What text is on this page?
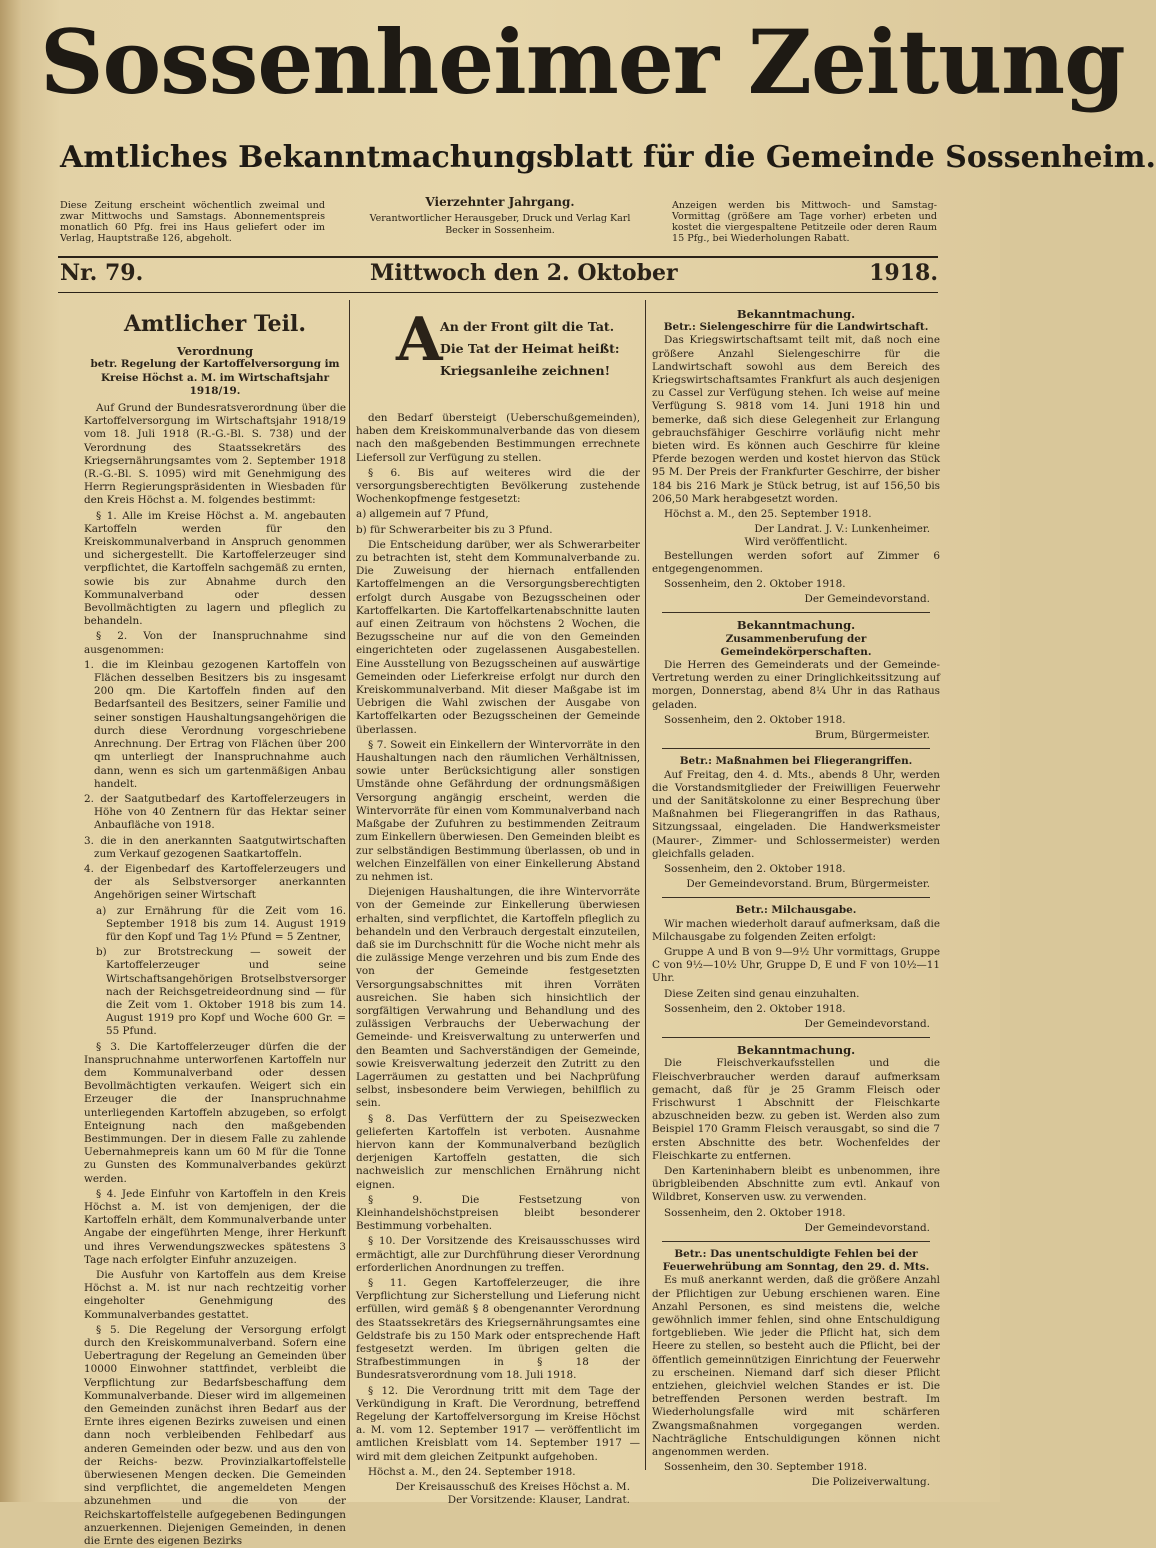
Sossenheimer Zeitung
Amtliches Bekanntmachungsblatt für die Gemeinde Sossenheim.
Diese Zeitung erscheint wöchentlich zweimal und zwar Mittwochs und Samstags. Abonnementspreis monatlich 60 Pfg. frei ins Haus geliefert oder im Verlag, Hauptstraße 126, abgeholt.
Vierzehnter Jahrgang.
Verantwortlicher Herausgeber, Druck und Verlag Karl Becker in Sossenheim.
Anzeigen werden bis Mittwoch- und Samstag-Vormittag (größere am Tage vorher) erbeten und kostet die viergespaltene Petitzeile oder deren Raum 15 Pfg., bei Wiederholungen Rabatt.
Nr. 79.	Mittwoch den 2. Oktober	1918.
Amtlicher Teil.
Verordnung
betr. Regelung der Kartoffelversorgung im Kreise Höchst a. M. im Wirtschaftsjahr 1918/19.

Auf Grund der Bundesratsverordnung über die Kartoffelversorgung im Wirtschaftsjahr 1918/19 vom 18. Juli 1918 (R.-G.-Bl. S. 738) und der Verordnung des Staatssekretärs des Kriegsernährungsamtes vom 2. September 1918 (R.-G.-Bl. S. 1095) wird mit Genehmigung des Herrn Regierungspräsidenten in Wiesbaden für den Kreis Höchst a. M. folgendes bestimmt:

§ 1. Alle im Kreise Höchst a. M. angebauten Kartoffeln werden für den Kreiskommunalverband in Anspruch genommen und sichergestellt. Die Kartoffelerzeuger sind verpflichtet, die Kartoffeln sachgemäß zu ernten, sowie bis zur Abnahme durch den Kommunalverband oder dessen Bevollmächtigten zu lagern und pfleglich zu behandeln.

§ 2. Von der Inanspruchnahme sind ausgenommen:

1. die im Kleinbau gezogenen Kartoffeln von Flächen desselben Besitzers bis zu insgesamt 200 qm. Die Kartoffeln finden auf den Bedarfsanteil des Besitzers, seiner Familie und seiner sonstigen Haushaltungsangehörigen die durch diese Verordnung vorgeschriebene Anrechnung. Der Ertrag von Flächen über 200 qm unterliegt der Inanspruchnahme auch dann, wenn es sich um gartenmäßigen Anbau handelt.

2. der Saatgutbedarf des Kartoffelerzeugers in Höhe von 40 Zentnern für das Hektar seiner Anbaufläche von 1918.

3. die in den anerkannten Saatgutwirtschaften zum Verkauf gezogenen Saatkartoffeln.

4. der Eigenbedarf des Kartoffelerzeugers und der als Selbstversorger anerkannten Angehörigen seiner Wirtschaft

a) zur Ernährung für die Zeit vom 16. September 1918 bis zum 14. August 1919 für den Kopf und Tag 1½ Pfund = 5 Zentner,

b) zur Brotstreckung — soweit der Kartoffelerzeuger und seine Wirtschaftsangehörigen Brotselbstversorger nach der Reichsgetreideordnung sind — für die Zeit vom 1. Oktober 1918 bis zum 14. August 1919 pro Kopf und Woche 600 Gr. = 55 Pfund.

§ 3. Die Kartoffelerzeuger dürfen die der Inanspruchnahme unterworfenen Kartoffeln nur dem Kommunalverband oder dessen Bevollmächtigten verkaufen. Weigert sich ein Erzeuger die der Inanspruchnahme unterliegenden Kartoffeln abzugeben, so erfolgt Enteignung nach den maßgebenden Bestimmungen. Der in diesem Falle zu zahlende Uebernahmepreis kann um 60 M für die Tonne zu Gunsten des Kommunalverbandes gekürzt werden.

§ 4. Jede Einfuhr von Kartoffeln in den Kreis Höchst a. M. ist von demjenigen, der die Kartoffeln erhält, dem Kommunalverbande unter Angabe der eingeführten Menge, ihrer Herkunft und ihres Verwendungszweckes spätestens 3 Tage nach erfolgter Einfuhr anzuzeigen.

Die Ausfuhr von Kartoffeln aus dem Kreise Höchst a. M. ist nur nach rechtzeitig vorher eingeholter Genehmigung des Kommunalverbandes gestattet.

§ 5. Die Regelung der Versorgung erfolgt durch den Kreiskommunalverband. Sofern eine Uebertragung der Regelung an Gemeinden über 10000 Einwohner stattfindet, verbleibt die Verpflichtung zur Bedarfsbeschaffung dem Kommunalverbande. Dieser wird im allgemeinen den Gemeinden zunächst ihren Bedarf aus der Ernte ihres eigenen Bezirks zuweisen und einen dann noch verbleibenden Fehlbedarf aus anderen Gemeinden oder bezw. und aus den von der Reichs- bezw. Provinzialkartoffelstelle überwiesenen Mengen decken. Die Gemeinden sind verpflichtet, die angemeldeten Mengen abzunehmen und die von der Reichskartoffelstelle aufgegebenen Bedingungen anzuerkennen. Diejenigen Gemeinden, in denen die Ernte des eigenen Bezirks

A
An der Front gilt die Tat.
Die Tat der Heimat heißt:
Kriegsanleihe zeichnen!

den Bedarf übersteigt (Ueberschußgemeinden), haben dem Kreiskommunalverbande das von diesem nach den maßgebenden Bestimmungen errechnete Liefersoll zur Verfügung zu stellen.

§ 6. Bis auf weiteres wird die der versorgungsberechtigten Bevölkerung zustehende Wochenkopfmenge festgesetzt:

a) allgemein auf 7 Pfund,

b) für Schwerarbeiter bis zu 3 Pfund.

Die Entscheidung darüber, wer als Schwerarbeiter zu betrachten ist, steht dem Kommunalverbande zu. Die Zuweisung der hiernach entfallenden Kartoffelmengen an die Versorgungsberechtigten erfolgt durch Ausgabe von Bezugsscheinen oder Kartoffelkarten. Die Kartoffelkartenabschnitte lauten auf einen Zeitraum von höchstens 2 Wochen, die Bezugsscheine nur auf die von den Gemeinden eingerichteten oder zugelassenen Ausgabestellen. Eine Ausstellung von Bezugsscheinen auf auswärtige Gemeinden oder Lieferkreise erfolgt nur durch den Kreiskommunalverband. Mit dieser Maßgabe ist im Uebrigen die Wahl zwischen der Ausgabe von Kartoffelkarten oder Bezugsscheinen der Gemeinde überlassen.

§ 7. Soweit ein Einkellern der Wintervorräte in den Haushaltungen nach den räumlichen Verhältnissen, sowie unter Berücksichtigung aller sonstigen Umstände ohne Gefährdung der ordnungsmäßigen Versorgung angängig erscheint, werden die Wintervorräte für einen vom Kommunalverband nach Maßgabe der Zufuhren zu bestimmenden Zeitraum zum Einkellern überwiesen. Den Gemeinden bleibt es zur selbständigen Bestimmung überlassen, ob und in welchen Einzelfällen von einer Einkellerung Abstand zu nehmen ist.

Diejenigen Haushaltungen, die ihre Wintervorräte von der Gemeinde zur Einkellerung überwiesen erhalten, sind verpflichtet, die Kartoffeln pfleglich zu behandeln und den Verbrauch dergestalt einzuteilen, daß sie im Durchschnitt für die Woche nicht mehr als die zulässige Menge verzehren und bis zum Ende des von der Gemeinde festgesetzten Versorgungsabschnittes mit ihren Vorräten ausreichen. Sie haben sich hinsichtlich der sorgfältigen Verwahrung und Behandlung und des zulässigen Verbrauchs der Ueberwachung der Gemeinde- und Kreisverwaltung zu unterwerfen und den Beamten und Sachverständigen der Gemeinde, sowie Kreisverwaltung jederzeit den Zutritt zu den Lagerräumen zu gestatten und bei Nachprüfung selbst, insbesondere beim Verwiegen, behilflich zu sein.

§ 8. Das Verfüttern der zu Speisezwecken gelieferten Kartoffeln ist verboten. Ausnahme hiervon kann der Kommunalverband bezüglich derjenigen Kartoffeln gestatten, die sich nachweislich zur menschlichen Ernährung nicht eignen.

§ 9. Die Festsetzung von Kleinhandelshöchstpreisen bleibt besonderer Bestimmung vorbehalten.

§ 10. Der Vorsitzende des Kreisausschusses wird ermächtigt, alle zur Durchführung dieser Verordnung erforderlichen Anordnungen zu treffen.

§ 11. Gegen Kartoffelerzeuger, die ihre Verpflichtung zur Sicherstellung und Lieferung nicht erfüllen, wird gemäß § 8 obengenannter Verordnung des Staatssekretärs des Kriegsernährungsamtes eine Geldstrafe bis zu 150 Mark oder entsprechende Haft festgesetzt werden. Im übrigen gelten die Strafbestimmungen in § 18 der Bundesratsverordnung vom 18. Juli 1918.

§ 12. Die Verordnung tritt mit dem Tage der Verkündigung in Kraft. Die Verordnung, betreffend Regelung der Kartoffelversorgung im Kreise Höchst a. M. vom 12. September 1917 — veröffentlicht im amtlichen Kreisblatt vom 14. September 1917 — wird mit dem gleichen Zeitpunkt aufgehoben.

Höchst a. M., den 24. September 1918.

Der Kreisausschuß des Kreises Höchst a. M.
Der Vorsitzende: Klauser, Landrat.
Bekanntmachung.
Betr.: Sielengeschirre für die Landwirtschaft.

Das Kriegswirtschaftsamt teilt mit, daß noch eine größere Anzahl Sielengeschirre für die Landwirtschaft sowohl aus dem Bereich des Kriegswirtschaftsamtes Frankfurt als auch desjenigen zu Cassel zur Verfügung stehen. Ich weise auf meine Verfügung S. 9818 vom 14. Juni 1918 hin und bemerke, daß sich diese Gelegenheit zur Erlangung gebrauchsfähiger Geschirre vorläufig nicht mehr bieten wird. Es können auch Geschirre für kleine Pferde bezogen werden und kostet hiervon das Stück 95 M. Der Preis der Frankfurter Geschirre, der bisher 184 bis 216 Mark je Stück betrug, ist auf 156,50 bis 206,50 Mark herabgesetzt worden.

Höchst a. M., den 25. September 1918.

Der Landrat. J. V.: Lunkenheimer.
Wird veröffentlicht.

Bestellungen werden sofort auf Zimmer 6 entgegengenommen.

Sossenheim, den 2. Oktober 1918.

Der Gemeindevorstand.
Bekanntmachung.
Zusammenberufung der Gemeindekörperschaften.

Die Herren des Gemeinderats und der Gemeinde-Vertretung werden zu einer Dringlichkeitssitzung auf morgen, Donnerstag, abend 8¼ Uhr in das Rathaus geladen.

Sossenheim, den 2. Oktober 1918.

Brum, Bürgermeister.
Betr.: Maßnahmen bei Fliegerangriffen.

Auf Freitag, den 4. d. Mts., abends 8 Uhr, werden die Vorstandsmitglieder der Freiwilligen Feuerwehr und der Sanitätskolonne zu einer Besprechung über Maßnahmen bei Fliegerangriffen in das Rathaus, Sitzungssaal, eingeladen. Die Handwerksmeister (Maurer-, Zimmer- und Schlossermeister) werden gleichfalls geladen.

Sossenheim, den 2. Oktober 1918.

Der Gemeindevorstand. Brum, Bürgermeister.
Betr.: Milchausgabe.

Wir machen wiederholt darauf aufmerksam, daß die Milchausgabe zu folgenden Zeiten erfolgt:

Gruppe A und B von 9—9½ Uhr vormittags, Gruppe C von 9½—10½ Uhr, Gruppe D, E und F von 10½—11 Uhr.

Diese Zeiten sind genau einzuhalten.

Sossenheim, den 2. Oktober 1918.

Der Gemeindevorstand.
Bekanntmachung.

Die Fleischverkaufsstellen und die Fleischverbraucher werden darauf aufmerksam gemacht, daß für je 25 Gramm Fleisch oder Frischwurst 1 Abschnitt der Fleischkarte abzuschneiden bezw. zu geben ist. Werden also zum Beispiel 170 Gramm Fleisch verausgabt, so sind die 7 ersten Abschnitte des betr. Wochenfeldes der Fleischkarte zu entfernen.

Den Karteninhabern bleibt es unbenommen, ihre übrigbleibenden Abschnitte zum evtl. Ankauf von Wildbret, Konserven usw. zu verwenden.

Sossenheim, den 2. Oktober 1918.

Der Gemeindevorstand.
Betr.: Das unentschuldigte Fehlen bei der Feuerwehrübung am Sonntag, den 29. d. Mts.

Es muß anerkannt werden, daß die größere Anzahl der Pflichtigen zur Uebung erschienen waren. Eine Anzahl Personen, es sind meistens die, welche gewöhnlich immer fehlen, sind ohne Entschuldigung fortgeblieben. Wie jeder die Pflicht hat, sich dem Heere zu stellen, so besteht auch die Pflicht, bei der öffentlich gemeinnützigen Einrichtung der Feuerwehr zu erscheinen. Niemand darf sich dieser Pflicht entziehen, gleichviel welchen Standes er ist. Die betreffenden Personen werden bestraft. Im Wiederholungsfalle wird mit schärferen Zwangsmaßnahmen vorgegangen werden. Nachträgliche Entschuldigungen können nicht angenommen werden.

Sossenheim, den 30. September 1918.

Die Polizeiverwaltung.
